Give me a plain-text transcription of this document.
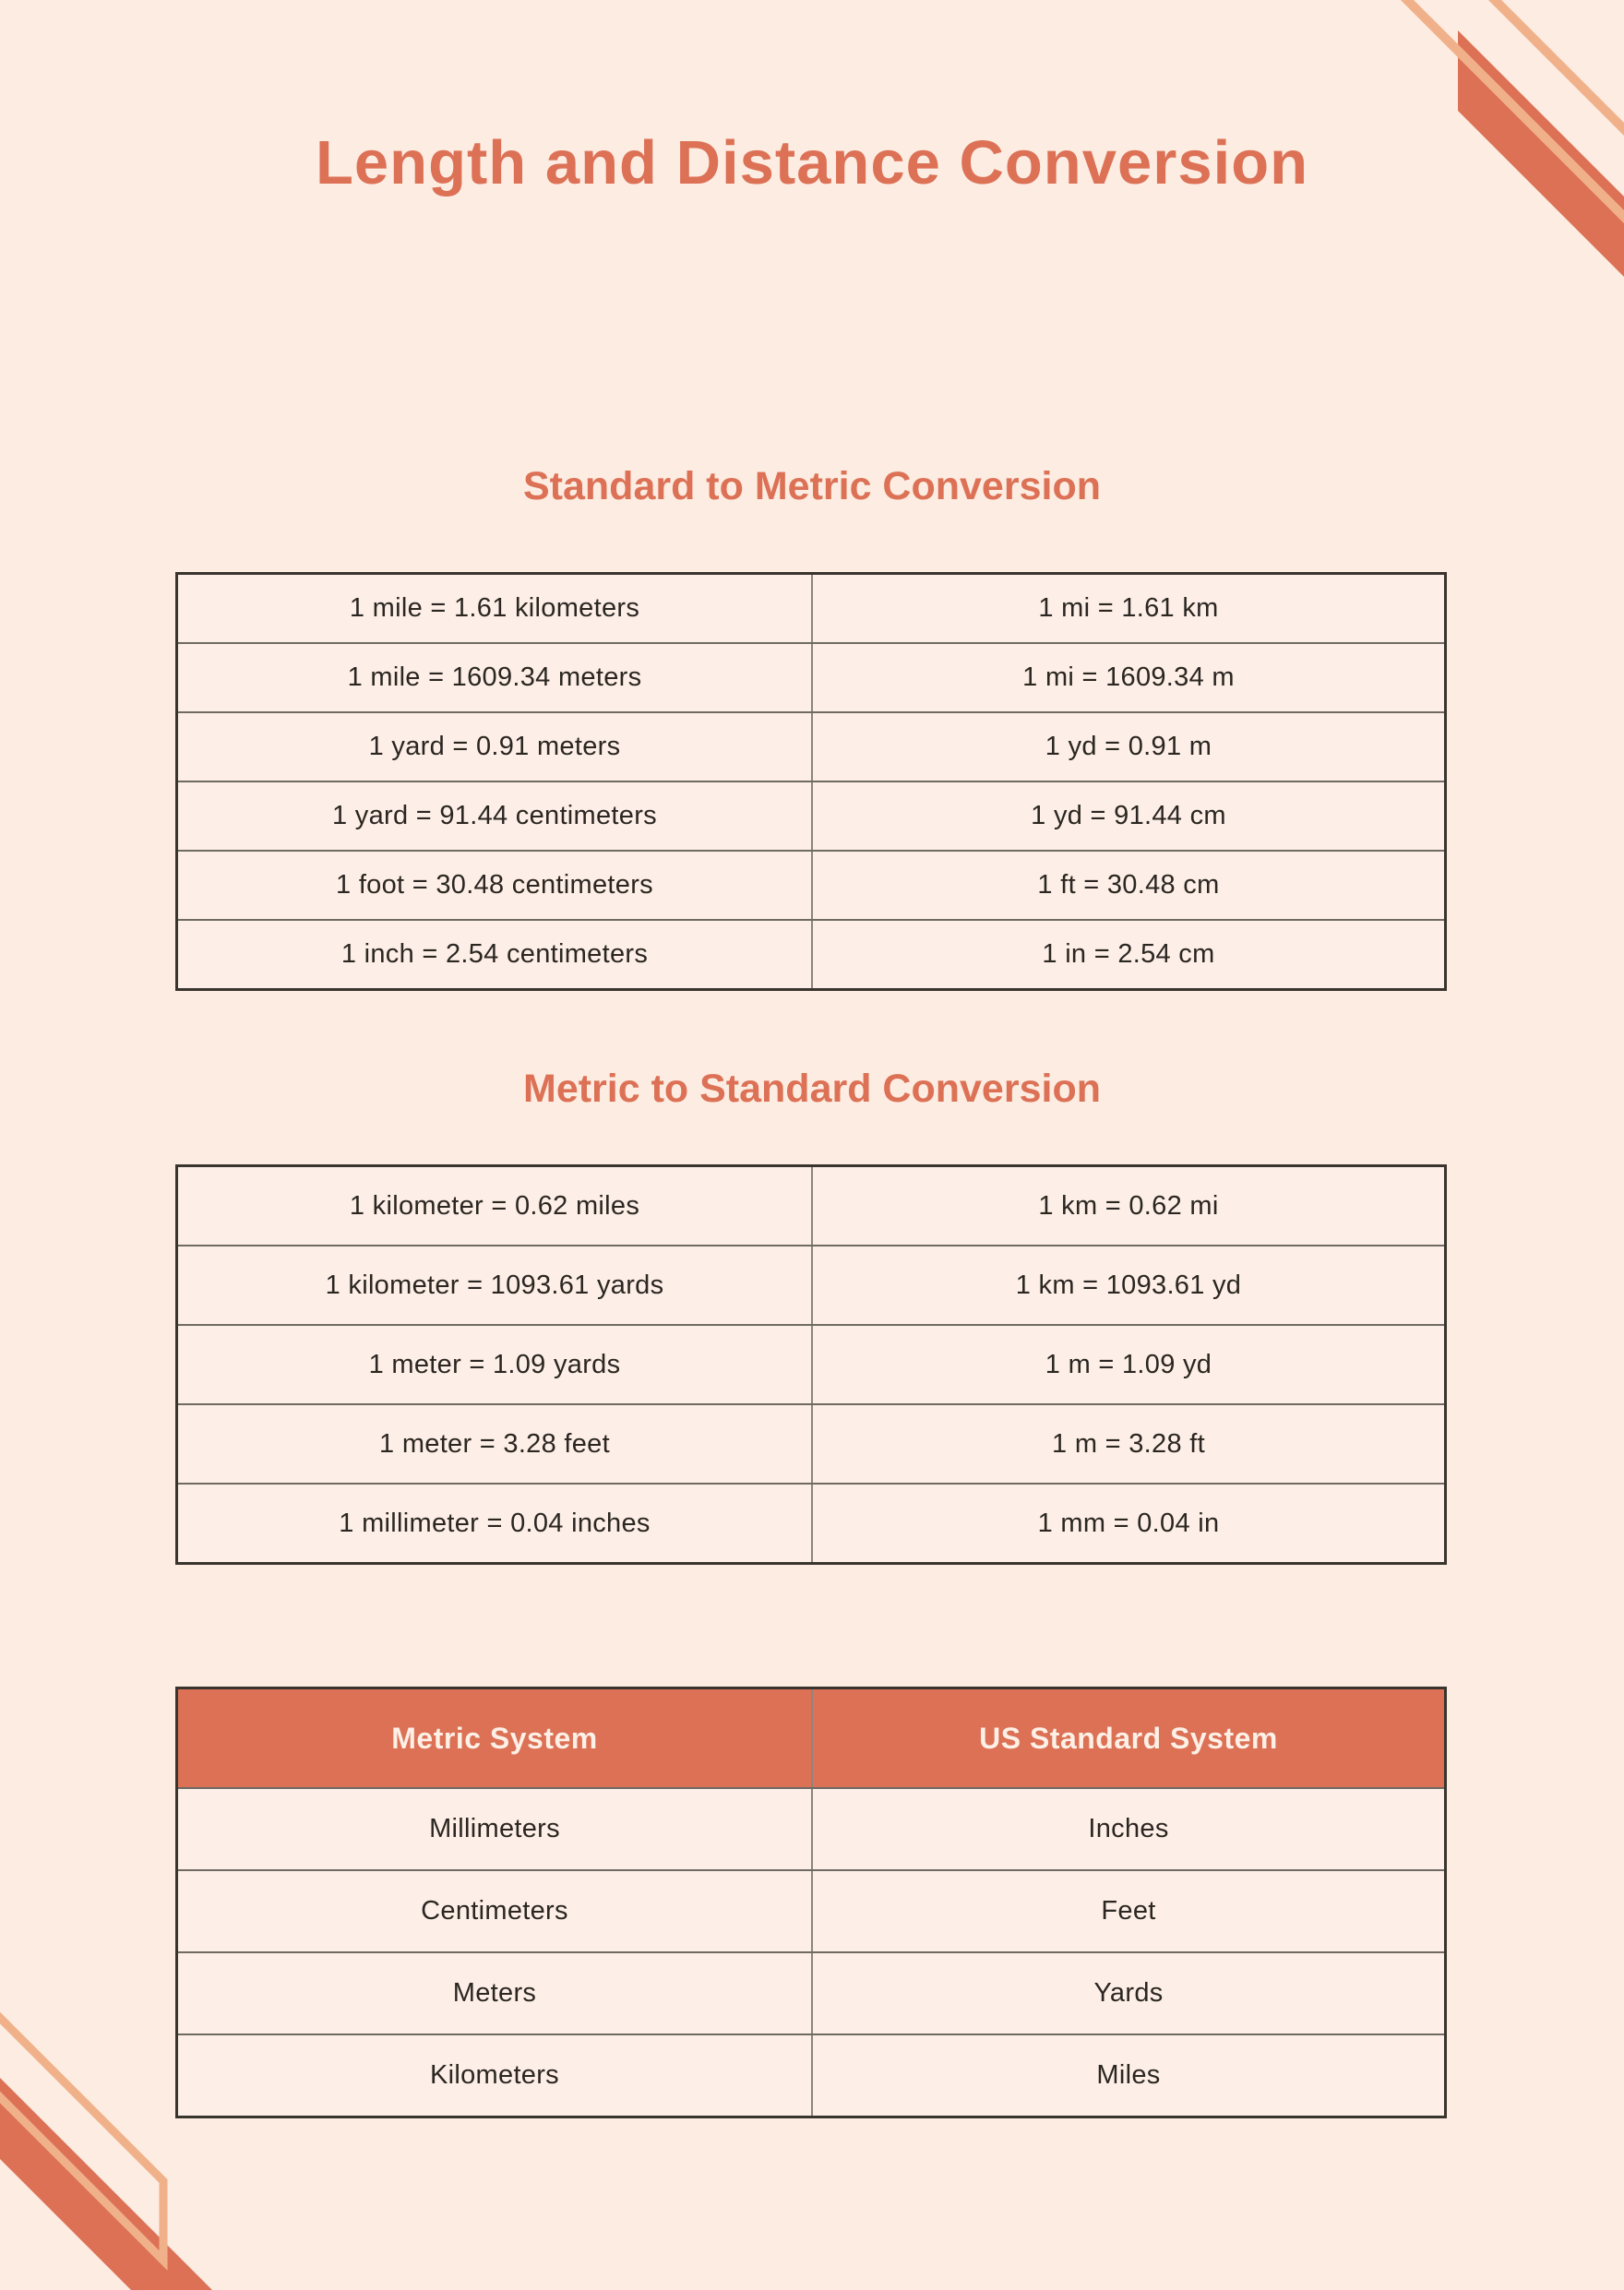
Length and Distance Conversion
Standard to Metric Conversion
1 mile = 1.61 kilometers	1 mi = 1.61 km
1 mile = 1609.34 meters	1 mi = 1609.34 m
1 yard = 0.91 meters	1 yd = 0.91 m
1 yard = 91.44 centimeters	1 yd = 91.44 cm
1 foot = 30.48 centimeters	1 ft = 30.48 cm
1 inch = 2.54 centimeters	1 in = 2.54 cm
Metric to Standard Conversion
1 kilometer = 0.62 miles	1 km = 0.62 mi
1 kilometer = 1093.61 yards	1 km = 1093.61 yd
1 meter = 1.09 yards	1 m = 1.09 yd
1 meter = 3.28 feet	1 m = 3.28 ft
1 millimeter = 0.04 inches	1 mm = 0.04 in
Metric System	US Standard System
Millimeters	Inches
Centimeters	Feet
Meters	Yards
Kilometers	Miles
